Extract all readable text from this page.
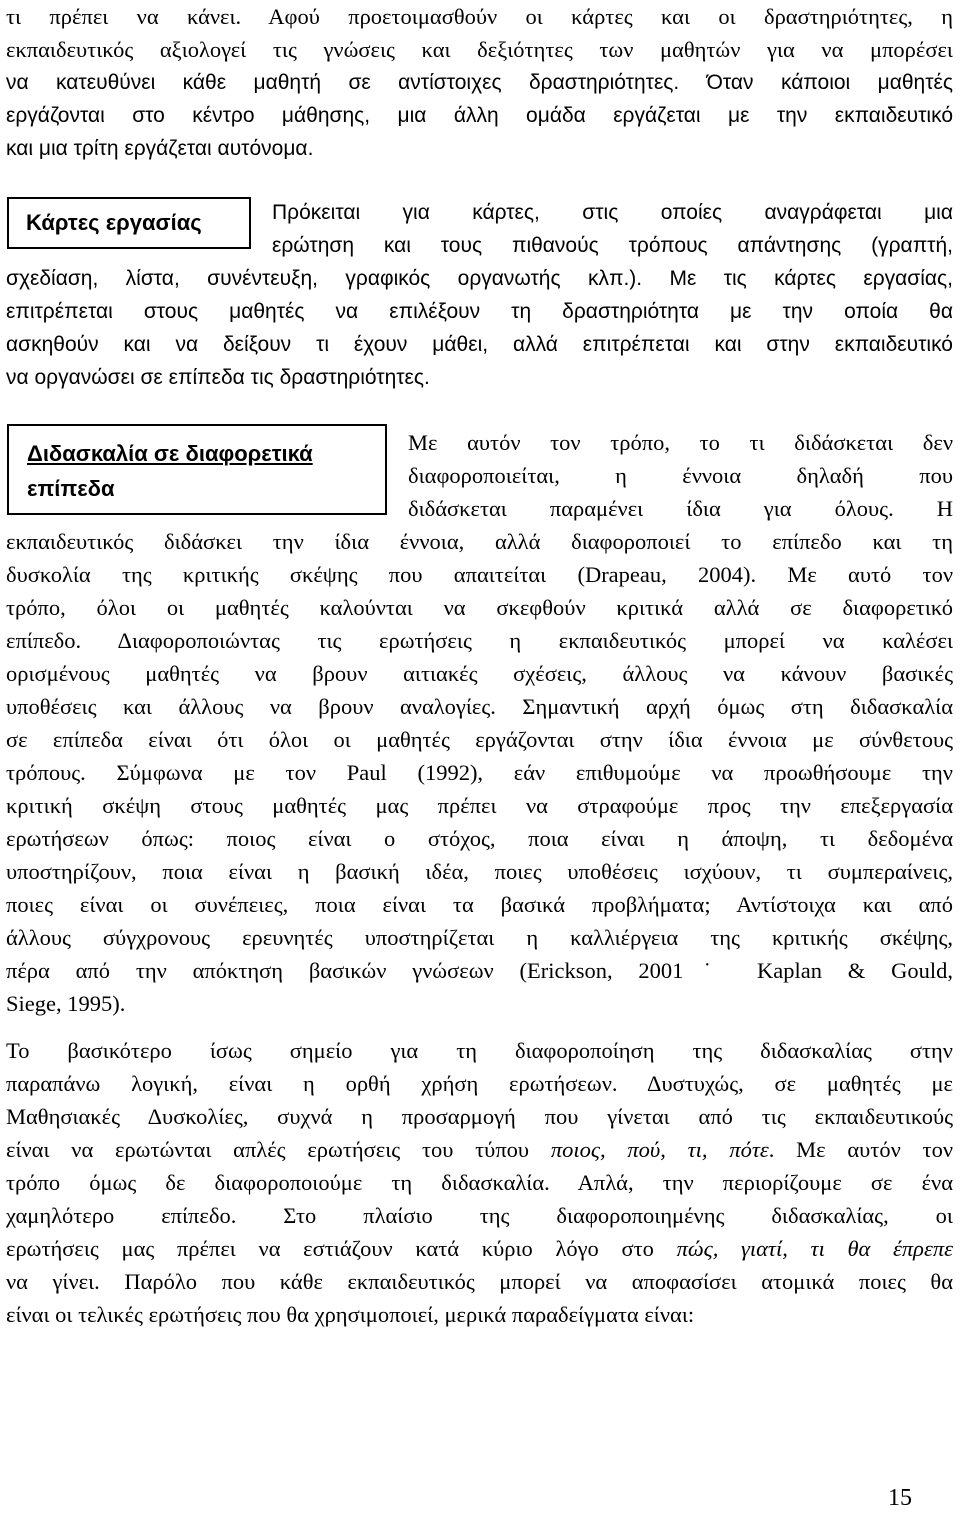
τι πρέπει να κάνει. Αφού προετοιμασθούν οι κάρτες και οι δραστηριότητες, η
εκπαιδευτικός αξιολογεί τις γνώσεις και δεξιότητες των μαθητών για να μπορέσει
να κατευθύνει κάθε μαθητή σε αντίστοιχες δραστηριότητες. Όταν κάποιοι μαθητές
εργάζονται στο κέντρο μάθησης, μια άλλη ομάδα εργάζεται με την εκπαιδευτικό
και μια τρίτη εργάζεται αυτόνομα.
Κάρτες εργασίας	Πρόκειται για κάρτες, στις οποίες αναγράφεται μια
ερώτηση και τους πιθανούς τρόπους απάντησης (γραπτή,
σχεδίαση, λίστα, συνέντευξη, γραφικός οργανωτής κλπ.). Με τις κάρτες εργασίας,
επιτρέπεται στους μαθητές να επιλέξουν τη δραστηριότητα με την οποία θα
ασκηθούν και να δείξουν τι έχουν μάθει, αλλά επιτρέπεται και στην εκπαιδευτικό
να οργανώσει σε επίπεδα τις δραστηριότητες.
Διδασκαλία σε διαφορετικά
επίπεδα
Με αυτόν τον τρόπο, το τι διδάσκεται δεν
διαφοροποιείται, η έννοια δηλαδή που
διδάσκεται παραμένει ίδια για όλους. Η
εκπαιδευτικός διδάσκει την ίδια έννοια, αλλά διαφοροποιεί το επίπεδο και τη
δυσκολία της κριτικής σκέψης που απαιτείται (Drapeau, 2004). Με αυτό τον
τρόπο, όλοι οι μαθητές καλούνται να σκεφθούν κριτικά αλλά σε διαφορετικό
επίπεδο. Διαφοροποιώντας τις ερωτήσεις η εκπαιδευτικός μπορεί να καλέσει
ορισμένους μαθητές να βρουν αιτιακές σχέσεις, άλλους να κάνουν βασικές
υποθέσεις και άλλους να βρουν αναλογίες. Σημαντική αρχή όμως στη διδασκαλία
σε επίπεδα είναι ότι όλοι οι μαθητές εργάζονται στην ίδια έννοια με σύνθετους
τρόπους. Σύμφωνα με τον Paul (1992), εάν επιθυμούμε να προωθήσουμε την
κριτική σκέψη στους μαθητές μας πρέπει να στραφούμε προς την επεξεργασία
ερωτήσεων όπως: ποιος είναι ο στόχος, ποια είναι η άποψη, τι δεδομένα
υποστηρίζουν, ποια είναι η βασική ιδέα, ποιες υποθέσεις ισχύουν, τι συμπεραίνεις,
ποιες είναι οι συνέπειες, ποια είναι τα βασικά προβλήματα; Αντίστοιχα και από
άλλους σύγχρονους ερευνητές υποστηρίζεται η καλλιέργεια της κριτικής σκέψης,
πέρα από την απόκτηση βασικών γνώσεων (Erickson, 2001˙ Kaplan & Gould,
Siege, 1995).
Το βασικότερο ίσως σημείο για τη διαφοροποίηση της διδασκαλίας στην
παραπάνω λογική, είναι η ορθή χρήση ερωτήσεων. Δυστυχώς, σε μαθητές με
Μαθησιακές Δυσκολίες, συχνά η προσαρμογή που γίνεται από τις εκπαιδευτικούς
είναι να ερωτώνται απλές ερωτήσεις του τύπου ποιος, πού, τι, πότε. Με αυτόν τον
τρόπο όμως δε διαφοροποιούμε τη διδασκαλία. Απλά, την περιορίζουμε σε ένα
χαμηλότερο επίπεδο. Στο πλαίσιο της διαφοροποιημένης διδασκαλίας, οι
ερωτήσεις μας πρέπει να εστιάζουν κατά κύριο λόγο στο πώς, γιατί, τι θα έπρεπε
να γίνει. Παρόλο που κάθε εκπαιδευτικός μπορεί να αποφασίσει ατομικά ποιες θα
είναι οι τελικές ερωτήσεις που θα χρησιμοποιεί, μερικά παραδείγματα είναι:
15
